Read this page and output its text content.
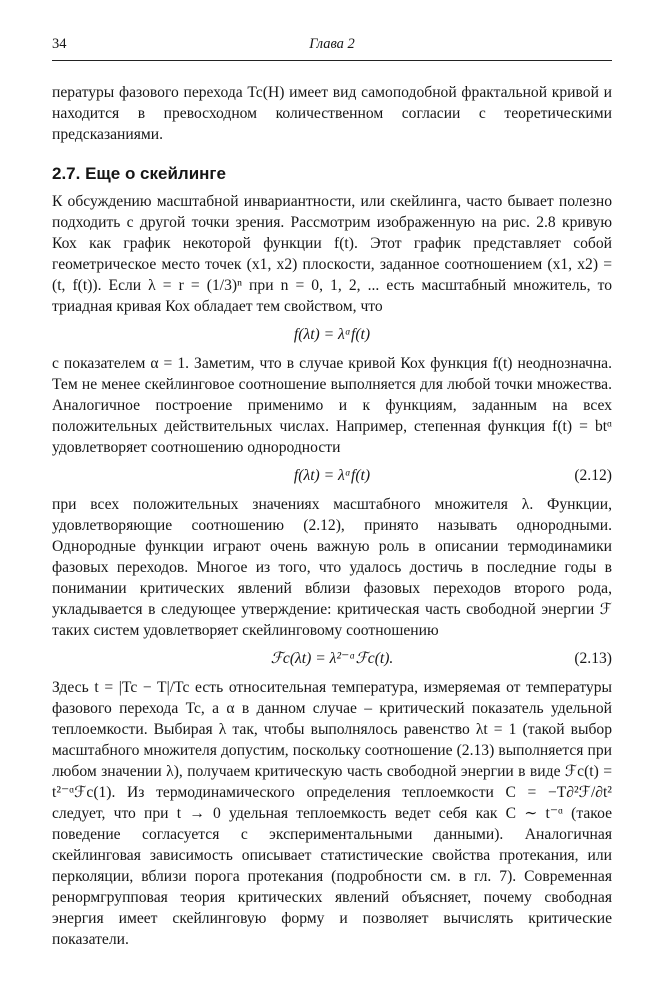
34	Глава 2

пературы фазового перехода Tc(H) имеет вид самоподобной фрактальной кривой и находится в превосходном количественном согласии с теоретическими предсказаниями.

2.7. Еще о скейлинге

К обсуждению масштабной инвариантности, или скейлинга, часто бывает полезно подходить с другой точки зрения. Рассмотрим изображенную на рис. 2.8 кривую Кох как график некоторой функции f(t). Этот график представляет собой геометрическое место точек (x1, x2) плоскости, заданное соотношением (x1, x2) = (t, f(t)). Если λ = r = (1/3)ⁿ при n = 0, 1, 2, ... есть масштабный множитель, то триадная кривая Кох обладает тем свойством, что

f(λt) = λᵅf(t)

с показателем α = 1. Заметим, что в случае кривой Кох функция f(t) неоднозначна. Тем не менее скейлинговое соотношение выполняется для любой точки множества. Аналогичное построение применимо и к функциям, заданным на всех положительных действительных числах. Например, степенная функция f(t) = btᵅ удовлетворяет соотношению однородности

f(λt) = λᵅf(t)	(2.12)

при всех положительных значениях масштабного множителя λ. Функции, удовлетворяющие соотношению (2.12), принято называть однородными. Однородные функции играют очень важную роль в описании термодинамики фазовых переходов. Многое из того, что удалось достичь в последние годы в понимании критических явлений вблизи фазовых переходов второго рода, укладывается в следующее утверждение: критическая часть свободной энергии ℱ таких систем удовлетворяет скейлинговому соотношению

ℱc(λt) = λ²⁻ᵅℱc(t).	(2.13)

Здесь t = |Tc − T|/Tc есть относительная температура, измеряемая от температуры фазового перехода Tc, а α в данном случае – критический показатель удельной теплоемкости. Выбирая λ так, чтобы выполнялось равенство λt = 1 (такой выбор масштабного множителя допустим, поскольку соотношение (2.13) выполняется при любом значении λ), получаем критическую часть свободной энергии в виде ℱc(t) = t²⁻ᵅℱc(1). Из термодинамического определения теплоемкости C = −T∂²ℱ/∂t² следует, что при t → 0 удельная теплоемкость ведет себя как C ∼ t⁻ᵅ (такое поведение согласуется с экспериментальными данными). Аналогичная скейлинговая зависимость описывает статистические свойства протекания, или перколяции, вблизи порога протекания (подробности см. в гл. 7). Современная ренормгрупповая теория критических явлений объясняет, почему свободная энергия имеет скейлинговую форму и позволяет вычислять критические показатели.
